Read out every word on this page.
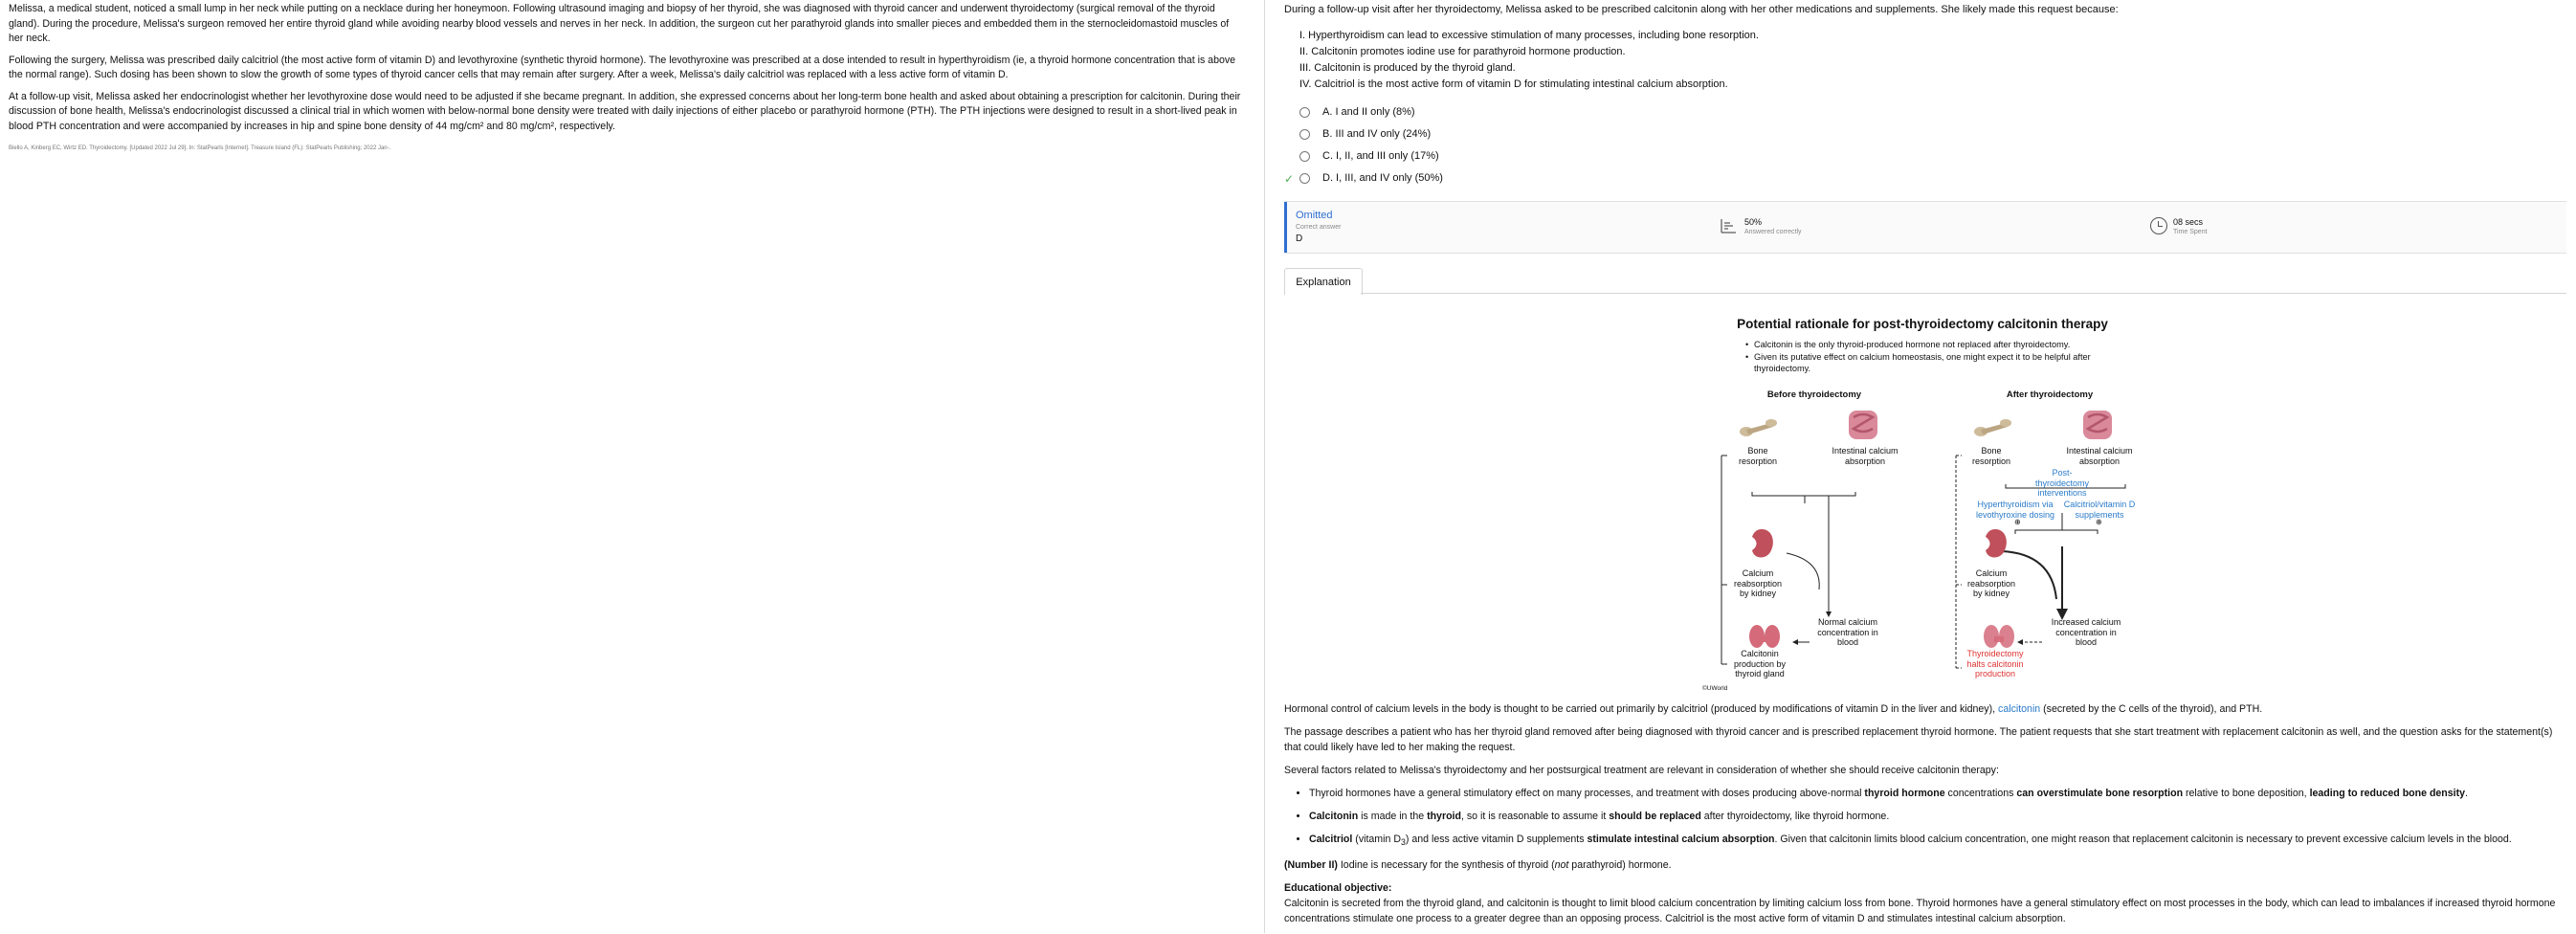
Melissa, a medical student, noticed a small lump in her neck while putting on a necklace during her honeymoon. Following ultrasound imaging and biopsy of her thyroid, she was diagnosed with thyroid cancer and underwent thyroidectomy (surgical removal of the thyroid gland). During the procedure, Melissa's surgeon removed her entire thyroid gland while avoiding nearby blood vessels and nerves in her neck. In addition, the surgeon cut her parathyroid glands into smaller pieces and embedded them in the sternocleidomastoid muscles of her neck.

Following the surgery, Melissa was prescribed daily calcitriol (the most active form of vitamin D) and levothyroxine (synthetic thyroid hormone). The levothyroxine was prescribed at a dose intended to result in hyperthyroidism (ie, a thyroid hormone concentration that is above the normal range). Such dosing has been shown to slow the growth of some types of thyroid cancer cells that may remain after surgery. After a week, Melissa's daily calcitriol was replaced with a less active form of vitamin D.

At a follow-up visit, Melissa asked her endocrinologist whether her levothyroxine dose would need to be adjusted if she became pregnant. In addition, she expressed concerns about her long-term bone health and asked about obtaining a prescription for calcitonin. During their discussion of bone health, Melissa's endocrinologist discussed a clinical trial in which women with below-normal bone density were treated with daily injections of either placebo or parathyroid hormone (PTH). The PTH injections were designed to result in a short-lived peak in blood PTH concentration and were accompanied by increases in hip and spine bone density of 44 mg/cm² and 80 mg/cm², respectively.

Biello A, Kinberg EC, Wirtz ED. Thyroidectomy. [Updated 2022 Jul 29]. In: StatPearls [Internet]. Treasure Island (FL): StatPearls Publishing; 2022 Jan-.
During a follow-up visit after her thyroidectomy, Melissa asked to be prescribed calcitonin along with her other medications and supplements. She likely made this request because:
I. Hyperthyroidism can lead to excessive stimulation of many processes, including bone resorption.
II. Calcitonin promotes iodine use for parathyroid hormone production.
III. Calcitonin is produced by the thyroid gland.
IV. Calcitriol is the most active form of vitamin D for stimulating intestinal calcium absorption.
A. I and II only (8%)
B. III and IV only (24%)
C. I, II, and III only (17%)
✓	D. I, III, and IV only (50%)
Omitted
Correct answer
D
50%
Answered correctly
08 secs
Time Spent
Explanation
Potential rationale for post-thyroidectomy calcitonin therapy
• Calcitonin is the only thyroid-produced hormone not replaced after thyroidectomy.
• Given its putative effect on calcium homeostasis, one might expect it to be helpful after thyroidectomy.
Before thyroidectomy	After thyroidectomy
Bone resorption
Intestinal calcium absorption
Calcium reabsorption by kidney
Normal calcium concentration in blood
Calcitonin production by thyroid gland
©UWorld
Bone resorption
Intestinal calcium absorption
Post-thyroidectomy interventions
Hyperthyroidism via levothyroxine dosing
Calcitriol/vitamin D supplements
⊕	⊕
Calcium reabsorption by kidney
Increased calcium concentration in blood
Thyroidectomy halts calcitonin production

Hormonal control of calcium levels in the body is thought to be carried out primarily by calcitriol (produced by modifications of vitamin D in the liver and kidney), calcitonin (secreted by the C cells of the thyroid), and PTH.

The passage describes a patient who has her thyroid gland removed after being diagnosed with thyroid cancer and is prescribed replacement thyroid hormone. The patient requests that she start treatment with replacement calcitonin as well, and the question asks for the statement(s) that could likely have led to her making the request.

Several factors related to Melissa's thyroidectomy and her postsurgical treatment are relevant in consideration of whether she should receive calcitonin therapy:

• Thyroid hormones have a general stimulatory effect on many processes, and treatment with doses producing above-normal thyroid hormone concentrations can overstimulate bone resorption relative to bone deposition, leading to reduced bone density.
• Calcitonin is made in the thyroid, so it is reasonable to assume it should be replaced after thyroidectomy, like thyroid hormone.
• Calcitriol (vitamin $D_3$) and less active vitamin D supplements stimulate intestinal calcium absorption. Given that calcitonin limits blood calcium concentration, one might reason that replacement calcitonin is necessary to prevent excessive calcium levels in the blood.

(Number II) Iodine is necessary for the synthesis of thyroid (not parathyroid) hormone.

Educational objective:

Calcitonin is secreted from the thyroid gland, and calcitonin is thought to limit blood calcium concentration by limiting calcium loss from bone. Thyroid hormones have a general stimulatory effect on most processes in the body, which can lead to imbalances if increased thyroid hormone concentrations stimulate one process to a greater degree than an opposing process. Calcitriol is the most active form of vitamin D and stimulates intestinal calcium absorption.
